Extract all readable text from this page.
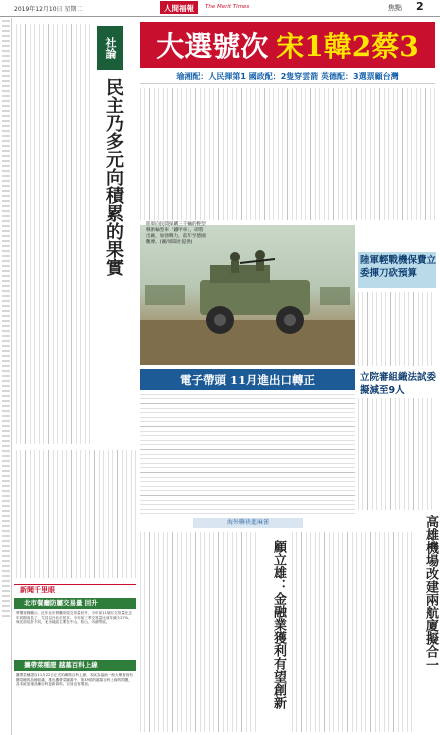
2019年12月10日 星期二	人間福報	The Merit Times	焦點 2
社論
民主乃多元向積累的果實
大選號次 宋1韓2蔡3
瑜湘配：人民揮第1 國政配：2隻穿雲箭 英德配：3選票顧台灣
陸軍向民間採購三千輛的輕型戰術輪型車「鐵甲車」，即將出廠，加強戰力，前年至德國觀摩。(圖/軍聞社提供)
陸軍輕戰機保費立委揮刀砍預算
電子帶頭 11月進出口轉正	立院審組織法試委擬減至9人
海外聯袂進麻雀
顧立雄：金融業獲利有望創新	高雄機場改建兩航廈擬合一
新聞千里眼
北市餐廳防屬交易量 回升
實價登錄顯示，近年北市餐廳房屋交易量回升，今年前11個月交易量比去年同期成長了，尤其以台北市居多。今年前三季交易量比前年減少27%，與先前估計不同，北市地區主要在中山、松山、內湖等區。
攜帶菜種證 越墓百科上線
攜帶菜種證自11月22日正式的網路百科上線，本區為協助一般大眾查詢有關菜種的品種知識，推出攜帶菜圖書中、第39屆的越墓百科上線的問題，及本區加速品種百科更新資料。目前也有增加。
